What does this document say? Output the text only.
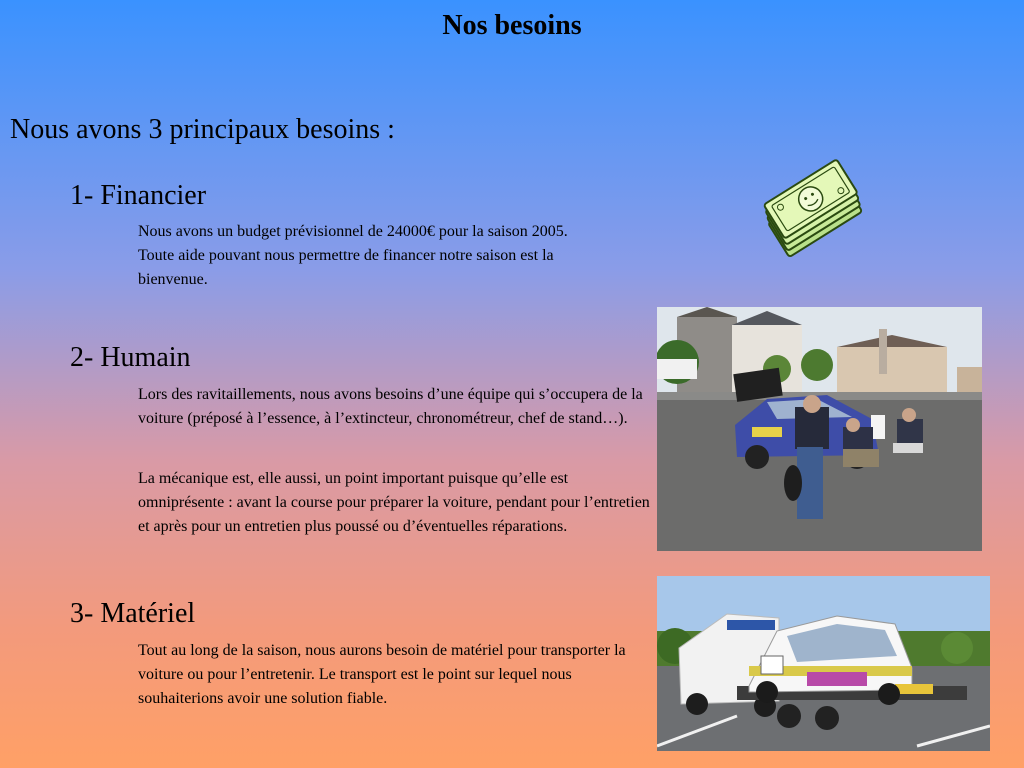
Nos besoins
Nous avons 3 principaux besoins :
1- Financier
Nous avons un budget prévisionnel de 24000€ pour la saison 2005. Toute aide pouvant nous permettre de financer notre saison est la bienvenue.
2- Humain
Lors des ravitaillements, nous avons besoins d’une équipe qui s’occupera de la voiture (préposé à l’essence, à l’extincteur, chronométreur, chef de stand…).
La mécanique est, elle aussi, un point important puisque qu’elle est omniprésente : avant la course pour préparer la voiture, pendant pour l’entretien et après pour un entretien plus poussé ou d’éventuelles réparations.
3- Matériel
Tout au long de la saison, nous aurons besoin de matériel pour transporter la voiture ou pour l’entretenir. Le transport est le point sur lequel nous souhaiterions avoir une solution fiable.
